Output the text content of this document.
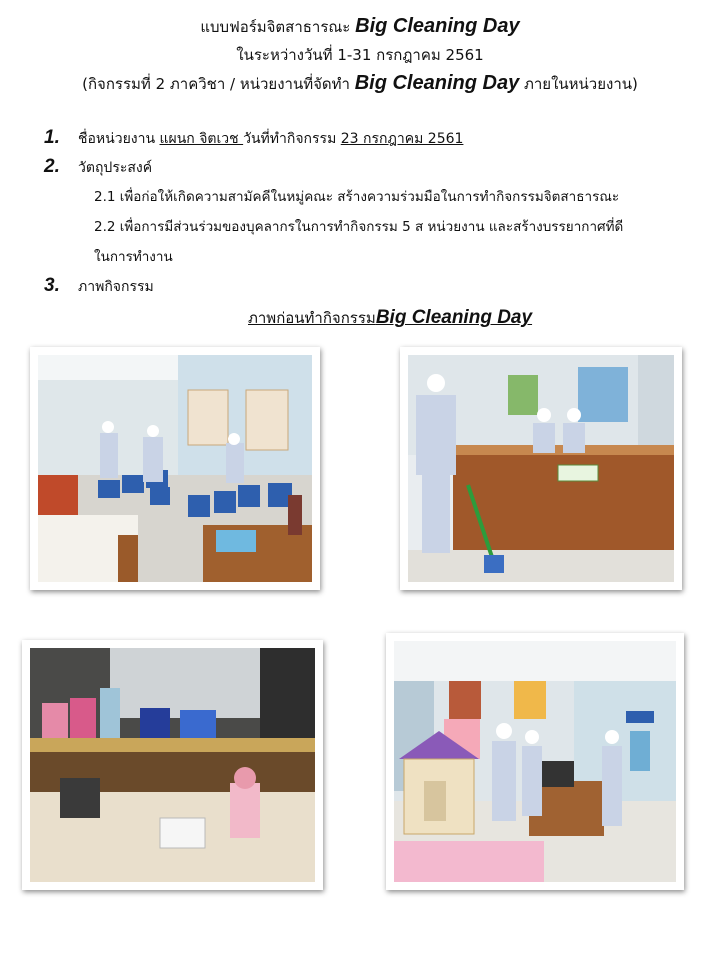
แบบฟอร์มจิตสาธารณะ Big Cleaning Day
ในระหว่างวันที่ 1-31 กรกฎาคม 2561
(กิจกรรมที่ 2 ภาควิชา / หน่วยงานที่จัดทำ Big Cleaning Day ภายในหน่วยงาน)
1. ชื่อหน่วยงาน แผนก จิตเวช วันที่ทำกิจกรรม 23 กรกฎาคม 2561
2. วัตถุประสงค์
2.1 เพื่อก่อให้เกิดความสามัคคีในหมู่คณะ สร้างความร่วมมือในการทำกิจกรรมจิตสาธารณะ
2.2 เพื่อการมีส่วนร่วมของบุคลากรในการทำกิจกรรม 5 ส หน่วยงาน และสร้างบรรยากาศที่ดี
ในการทำงาน
3. ภาพกิจกรรม
ภาพก่อนทำกิจกรรมBig Cleaning Day
